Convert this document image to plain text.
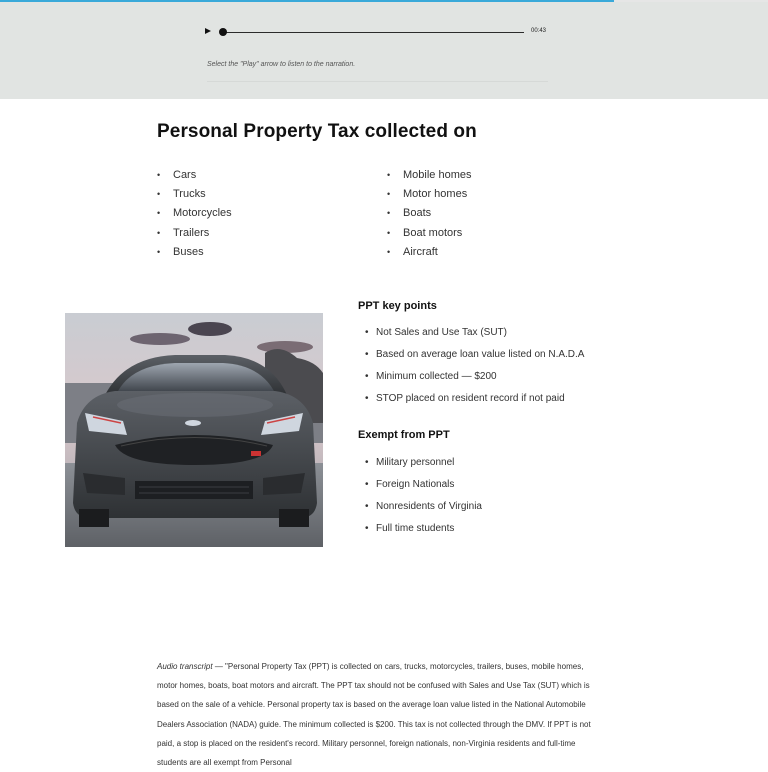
00:43
Select the "Play" arrow to listen to the narration.
Personal Property Tax collected on
• Cars
• Trucks
• Motorcycles
• Trailers
• Buses
• Mobile homes
• Motor homes
• Boats
• Boat motors
• Aircraft
PPT key points
• Not Sales and Use Tax (SUT)
• Based on average loan value listed on N.A.D.A
• Minimum collected — $200
• STOP placed on resident record if not paid
Exempt from PPT
• Military personnel
• Foreign Nationals
• Nonresidents of Virginia
• Full time students

Audio transcript — "Personal Property Tax (PPT) is collected on cars, trucks, motorcycles, trailers, buses, mobile homes, motor homes, boats, boat motors and aircraft. The PPT tax should not be confused with Sales and Use Tax (SUT) which is based on the sale of a vehicle. Personal property tax is based on the average loan value listed in the National Automobile Dealers Association (NADA) guide. The minimum collected is $200. This tax is not collected through the DMV. If PPT is not paid, a stop is placed on the resident's record. Military personnel, foreign nationals, non-Virginia residents and full-time students are all exempt from Personal
